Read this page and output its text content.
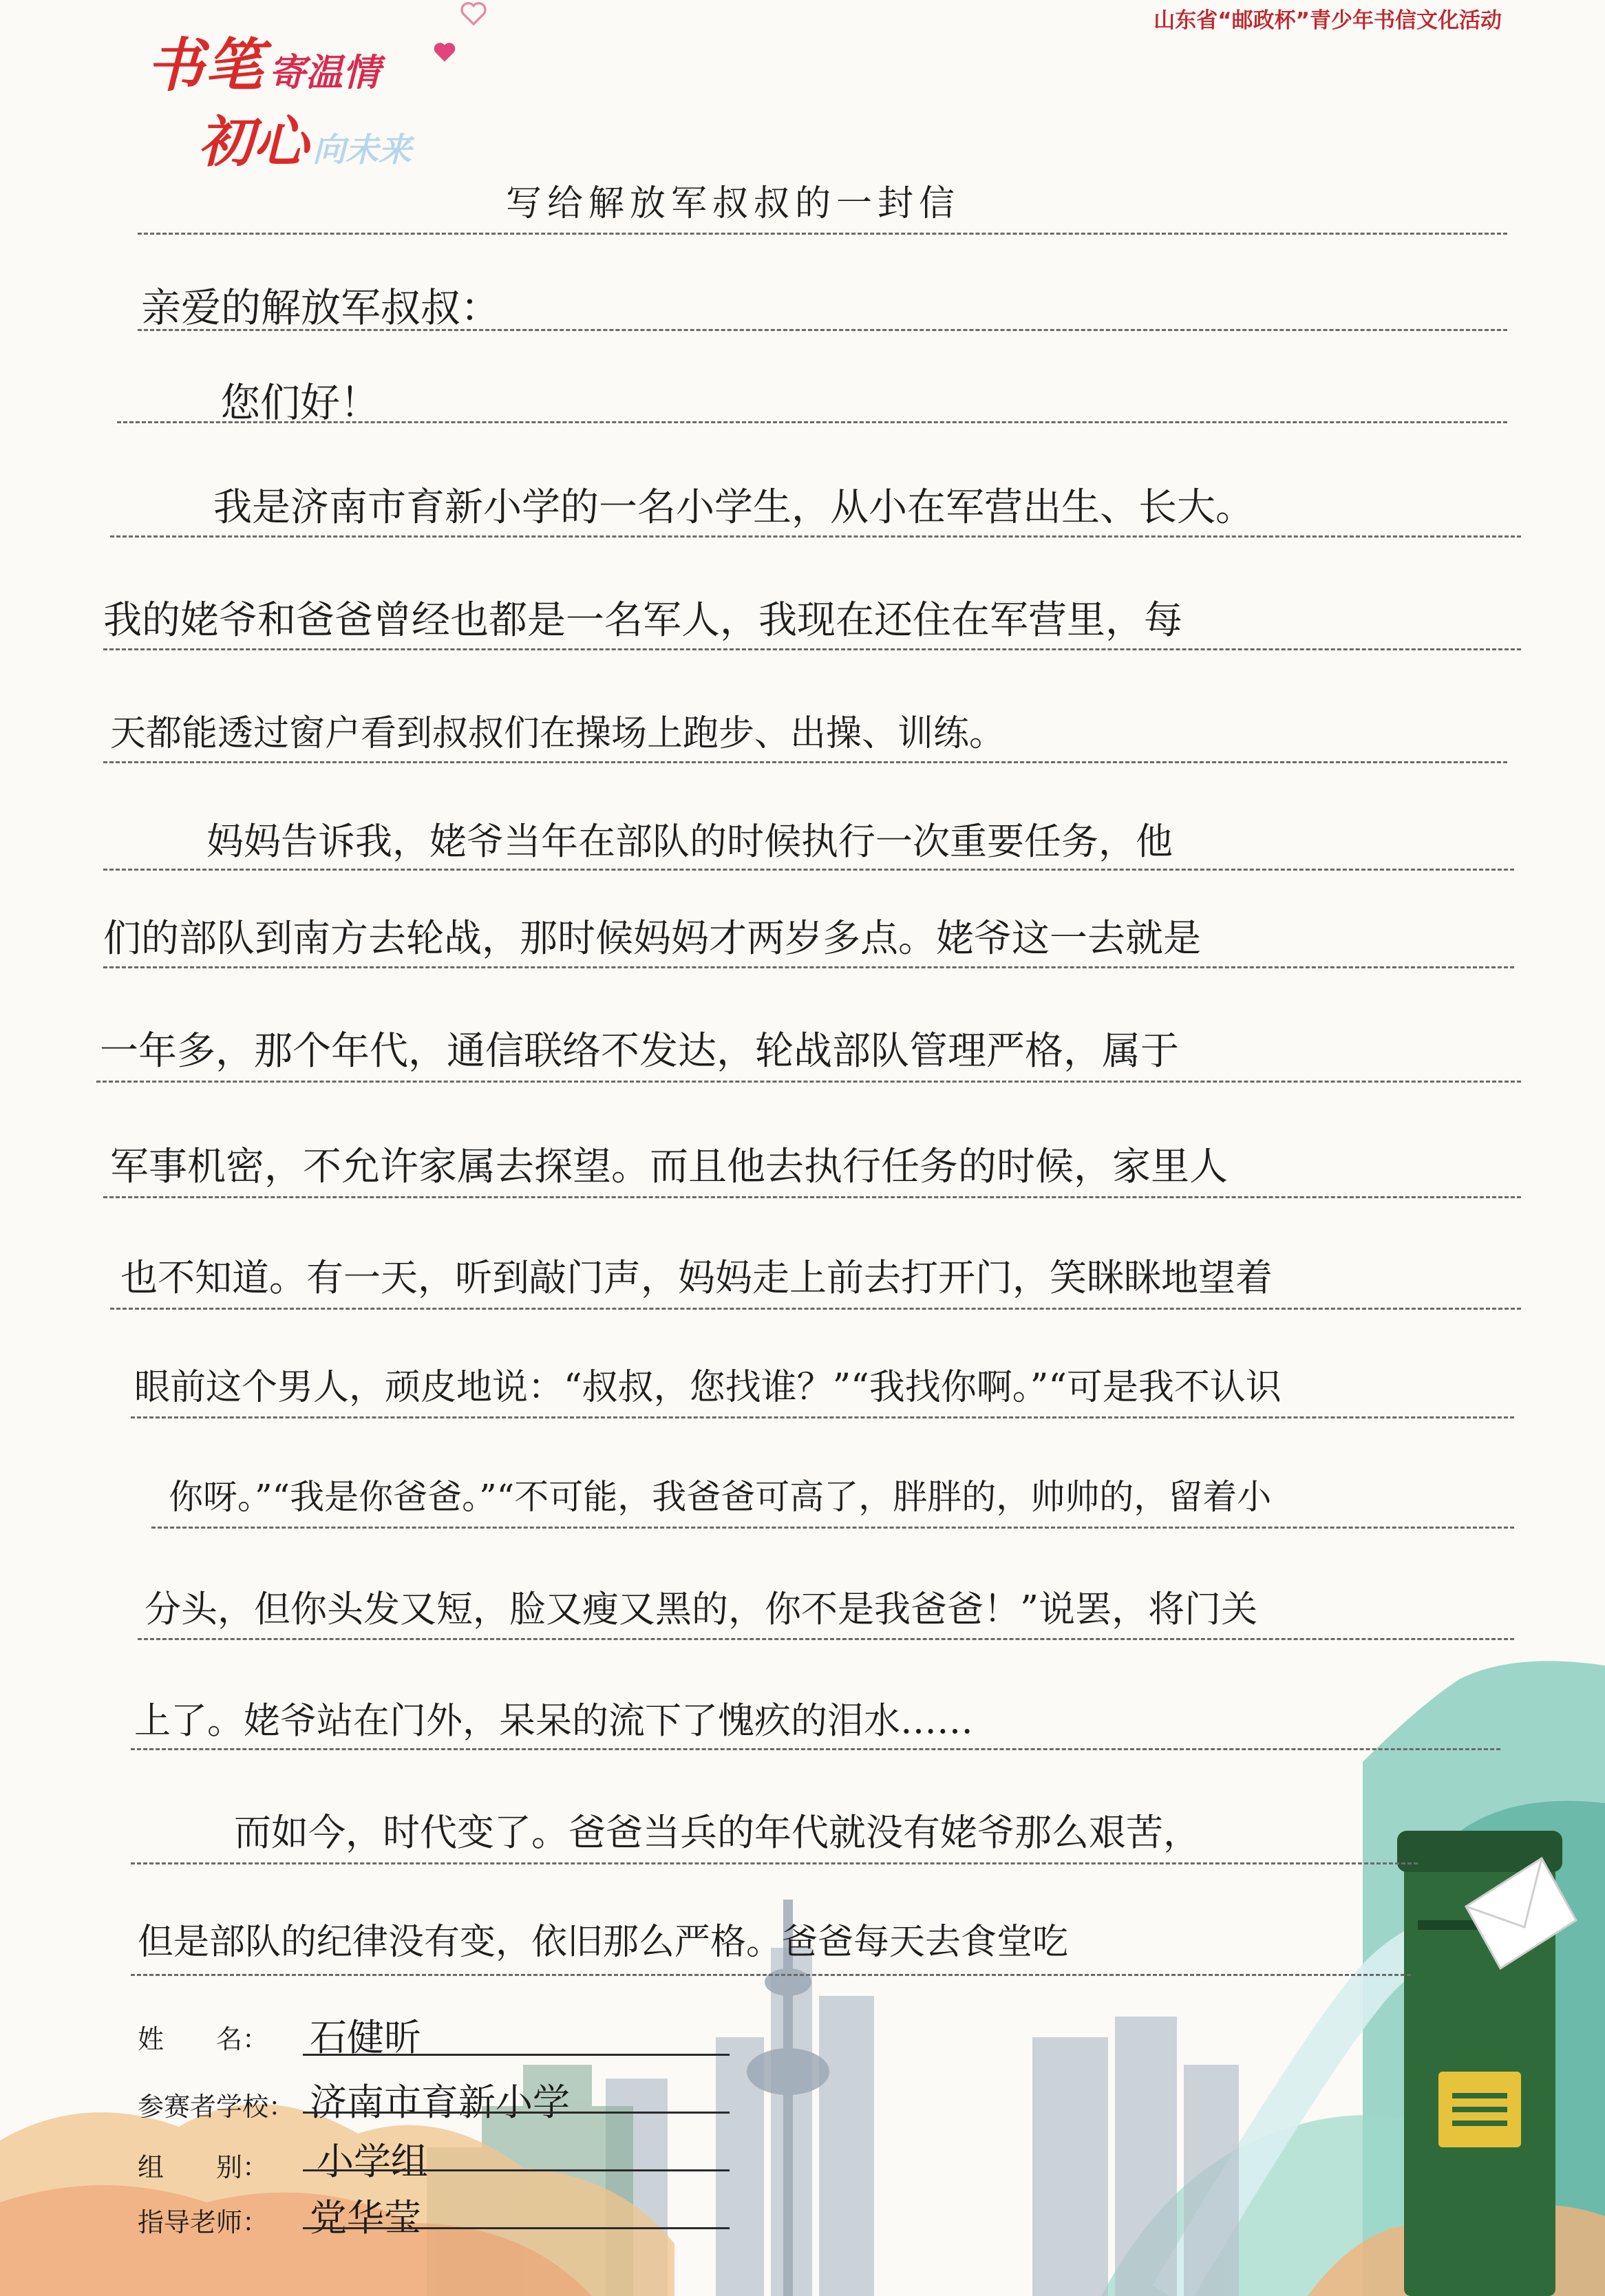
书笔 寄温情
初心 向未来
山东省“邮政杯”青少年书信文化活动
写给解放军叔叔的一封信
亲爱的解放军叔叔：
您们好！
我是济南市育新小学的一名小学生，从小在军营出生、长大。
我的姥爷和爸爸曾经也都是一名军人，我现在还住在军营里，每
天都能透过窗户看到叔叔们在操场上跑步、出操、训练。
妈妈告诉我，姥爷当年在部队的时候执行一次重要任务，他
们的部队到南方去轮战，那时候妈妈才两岁多点。姥爷这一去就是
一年多，那个年代，通信联络不发达，轮战部队管理严格，属于
军事机密，不允许家属去探望。而且他去执行任务的时候，家里人
也不知道。有一天，听到敲门声，妈妈走上前去打开门，笑眯眯地望着
眼前这个男人，顽皮地说：“叔叔，您找谁？”“我找你啊。”“可是我不认识
你呀。”“我是你爸爸。”“不可能，我爸爸可高了，胖胖的，帅帅的，留着小
分头，但你头发又短，脸又瘦又黑的，你不是我爸爸！”说罢，将门关
上了。姥爷站在门外，呆呆的流下了愧疚的泪水……
而如今，时代变了。爸爸当兵的年代就没有姥爷那么艰苦，
但是部队的纪律没有变，依旧那么严格。爸爸每天去食堂吃
姓　　名： 石健昕
参赛者学校： 济南市育新小学
组　　别： 小学组
指导老师： 党华莹
